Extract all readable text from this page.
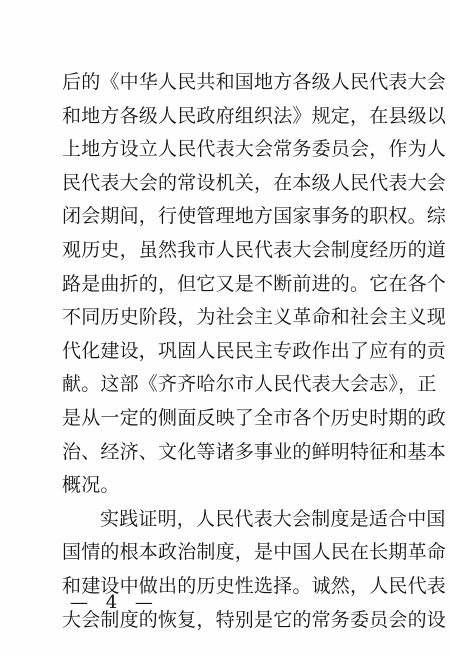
后的《中华人民共和国地方各级人民代表大会
和地方各级人民政府组织法》规定，在县级以
上地方设立人民代表大会常务委员会，作为人
民代表大会的常设机关，在本级人民代表大会
闭会期间，行使管理地方国家事务的职权。综
观历史，虽然我市人民代表大会制度经历的道
路是曲折的，但它又是不断前进的。它在各个
不同历史阶段，为社会主义革命和社会主义现
代化建设，巩固人民民主专政作出了应有的贡
献。这部《齐齐哈尔市人民代表大会志》，正
是从一定的侧面反映了全市各个历史时期的政
治、经济、文化等诸多事业的鲜明特征和基本
概况。
实践证明，人民代表大会制度是适合中国
国情的根本政治制度，是中国人民在长期革命
和建设中做出的历史性选择。诚然，人民代表
大会制度的恢复，特别是它的常务委员会的设
— 4 —
